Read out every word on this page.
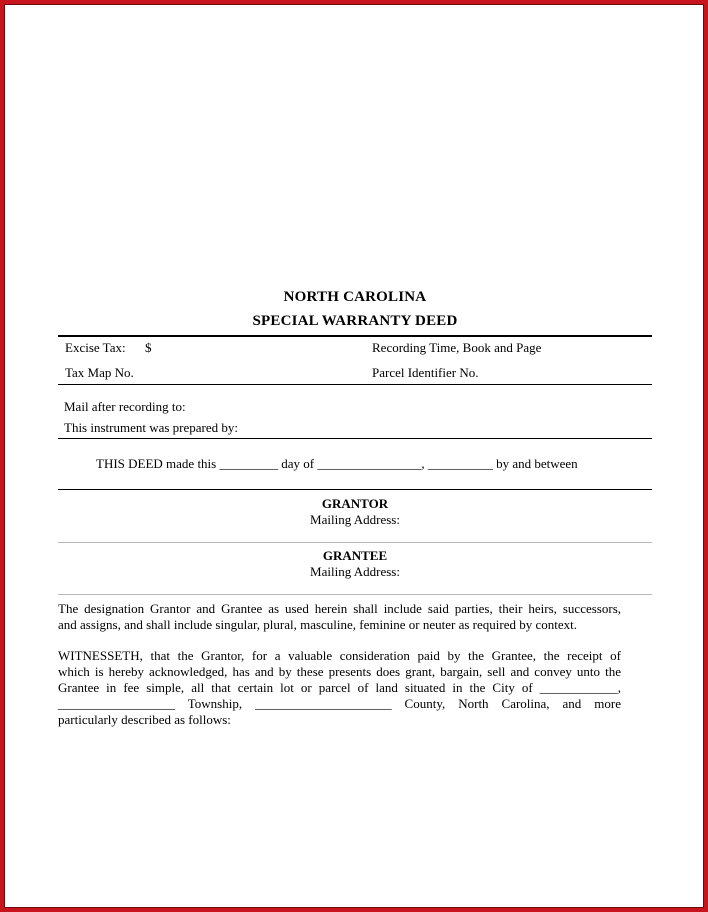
NORTH CAROLINA
SPECIAL WARRANTY DEED
Excise Tax: $	Recording Time, Book and Page
Tax Map No.	Parcel Identifier No.
Mail after recording to:
This instrument was prepared by:
THIS DEED made this _________ day of ________________, __________ by and between
GRANTOR
Mailing Address:
GRANTEE
Mailing Address:
The designation Grantor and Grantee as used herein shall include said parties, their heirs, successors,
and assigns, and shall include singular, plural, masculine, feminine or neuter as required by context.
WITNESSETH, that the Grantor, for a valuable consideration paid by the Grantee, the receipt of
which is hereby acknowledged, has and by these presents does grant, bargain, sell and convey unto the
Grantee in fee simple, all that certain lot or parcel of land situated in the City of ____________,
__________________ Township, _____________________ County, North Carolina, and more
particularly described as follows:
